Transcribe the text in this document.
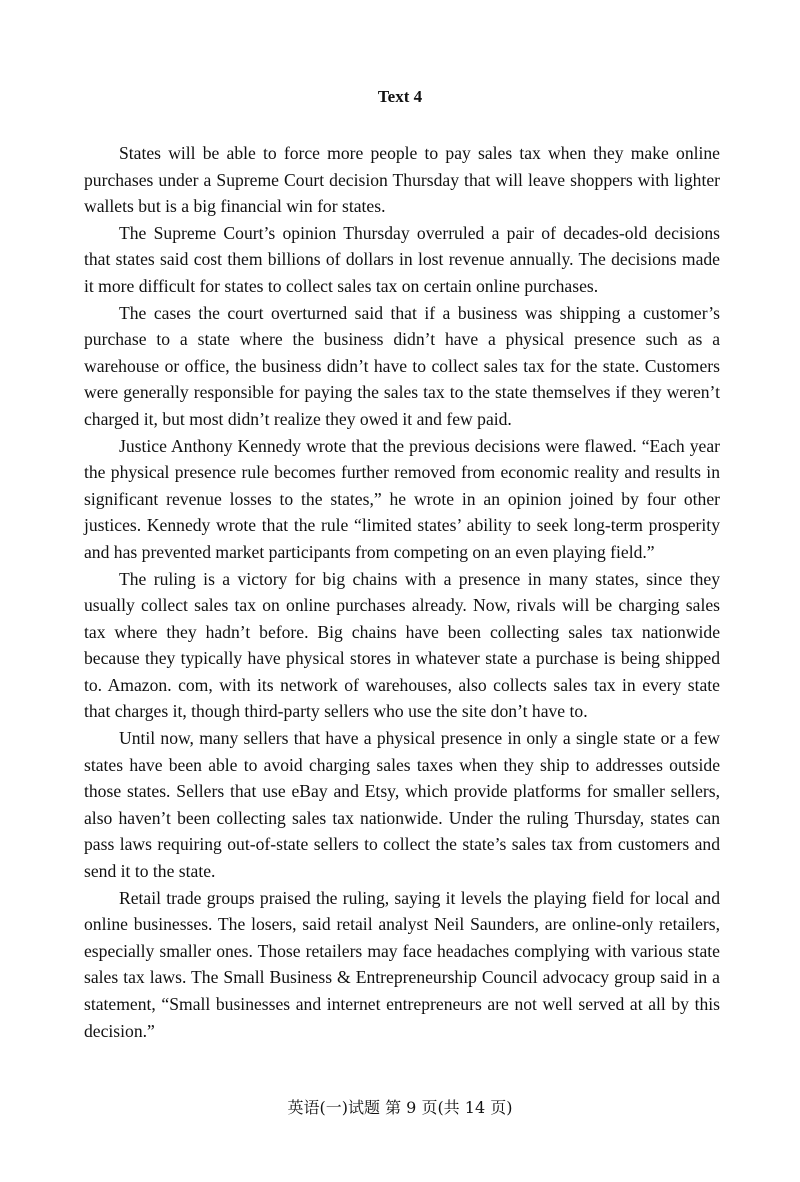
Text 4

States will be able to force more people to pay sales tax when they make online purchases under a Supreme Court decision Thursday that will leave shoppers with lighter wallets but is a big financial win for states.

The Supreme Court’s opinion Thursday overruled a pair of decades-old decisions that states said cost them billions of dollars in lost revenue annually. The decisions made it more difficult for states to collect sales tax on certain online purchases.

The cases the court overturned said that if a business was shipping a customer’s purchase to a state where the business didn’t have a physical presence such as a warehouse or office, the business didn’t have to collect sales tax for the state. Customers were generally responsible for paying the sales tax to the state themselves if they weren’t charged it, but most didn’t realize they owed it and few paid.

Justice Anthony Kennedy wrote that the previous decisions were flawed. “Each year the physical presence rule becomes further removed from economic reality and results in significant revenue losses to the states,” he wrote in an opinion joined by four other justices. Kennedy wrote that the rule “limited states’ ability to seek long-term prosperity and has prevented market participants from competing on an even playing field.”

The ruling is a victory for big chains with a presence in many states, since they usually collect sales tax on online purchases already. Now, rivals will be charging sales tax where they hadn’t before. Big chains have been collecting sales tax nationwide because they typically have physical stores in whatever state a purchase is being shipped to. Amazon. com, with its network of warehouses, also collects sales tax in every state that charges it, though third-party sellers who use the site don’t have to.

Until now, many sellers that have a physical presence in only a single state or a few states have been able to avoid charging sales taxes when they ship to addresses outside those states. Sellers that use eBay and Etsy, which provide platforms for smaller sellers, also haven’t been collecting sales tax nationwide. Under the ruling Thursday, states can pass laws requiring out-of-state sellers to collect the state’s sales tax from customers and send it to the state.

Retail trade groups praised the ruling, saying it levels the playing field for local and online businesses. The losers, said retail analyst Neil Saunders, are online-only retailers, especially smaller ones. Those retailers may face headaches complying with various state sales tax laws. The Small Business & Entrepreneurship Council advocacy group said in a statement, “Small businesses and internet entrepreneurs are not well served at all by this decision.”

英语(一)试题 第 9 页(共 14 页)
